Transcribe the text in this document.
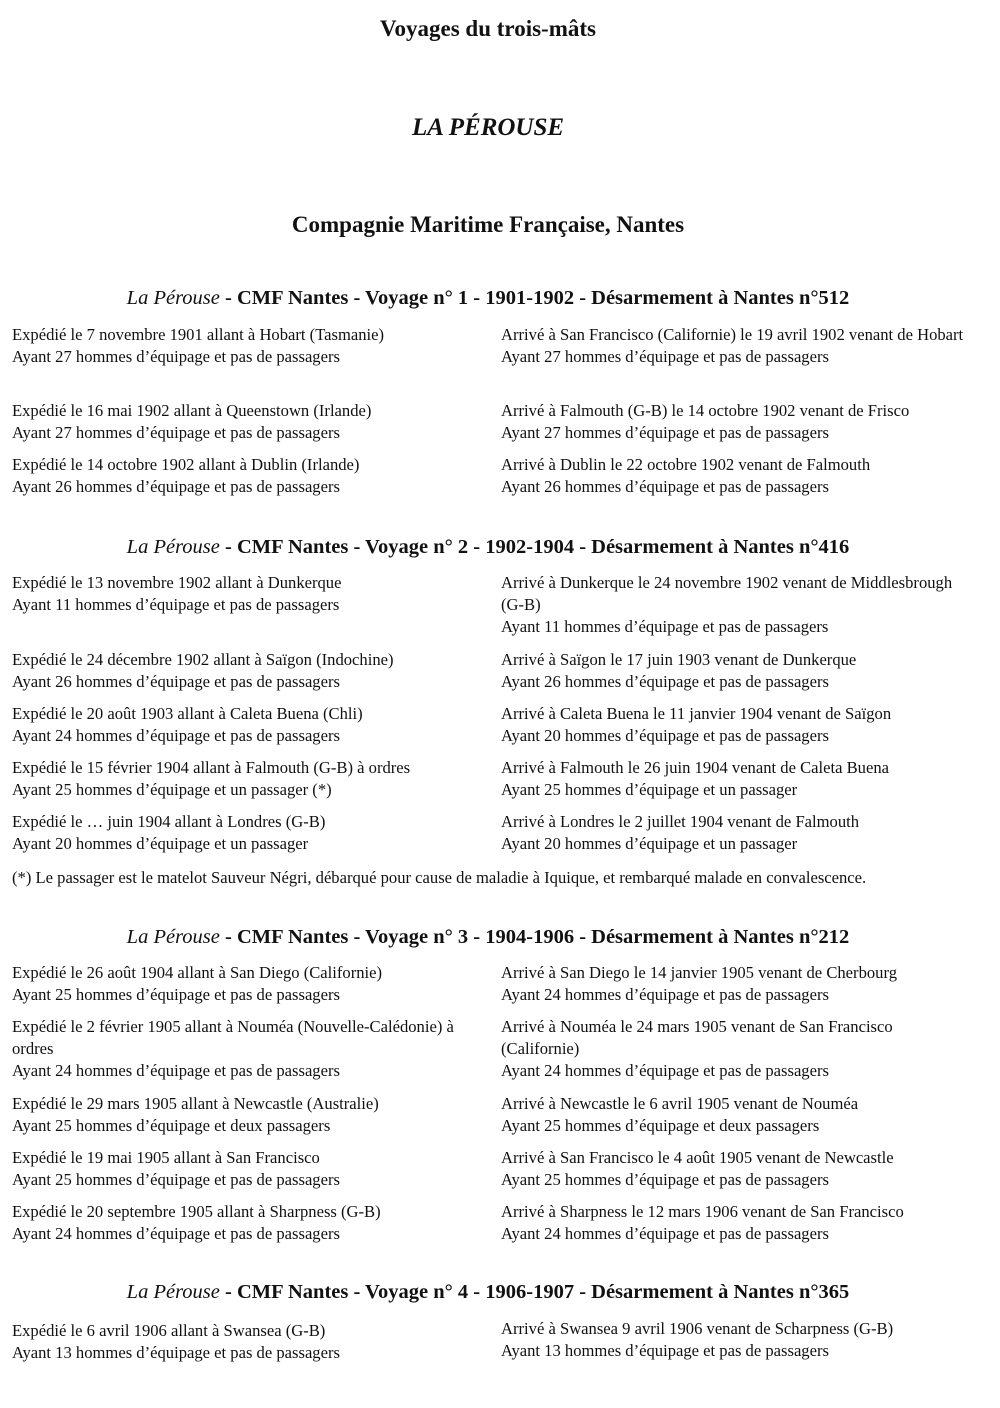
Voyages du trois-mâts
LA PÉROUSE
Compagnie Maritime Française, Nantes
La Pérouse - CMF Nantes - Voyage n° 1 - 1901-1902 - Désarmement à Nantes n°512
Expédié le 7 novembre 1901 allant à Hobart (Tasmanie)
Ayant 27 hommes d’équipage et pas de passagers
Arrivé à San Francisco (Californie) le 19 avril 1902 venant de Hobart
Ayant 27 hommes d’équipage et pas de passagers
Expédié le 16 mai 1902 allant à Queenstown (Irlande)
Ayant 27 hommes d’équipage et pas de passagers
Arrivé à Falmouth (G-B) le 14 octobre 1902 venant de Frisco
Ayant 27 hommes d’équipage et pas de passagers
Expédié le 14 octobre 1902 allant à Dublin (Irlande)
Ayant 26 hommes d’équipage et pas de passagers
Arrivé à Dublin le 22 octobre 1902 venant de Falmouth
Ayant 26 hommes d’équipage et pas de passagers
La Pérouse - CMF Nantes - Voyage n° 2 - 1902-1904 - Désarmement à Nantes n°416
Expédié le 13 novembre 1902 allant à Dunkerque
Ayant 11 hommes d’équipage et pas de passagers
Arrivé à Dunkerque le 24 novembre 1902 venant de Middlesbrough (G-B)
Ayant 11 hommes d’équipage et pas de passagers
Expédié le 24 décembre 1902 allant à Saïgon (Indochine)
Ayant 26 hommes d’équipage et pas de passagers
Arrivé à Saïgon le 17 juin 1903 venant de Dunkerque
Ayant 26 hommes d’équipage et pas de passagers
Expédié le 20 août 1903 allant à Caleta Buena (Chli)
Ayant 24 hommes d’équipage et pas de passagers
Arrivé à Caleta Buena le 11 janvier 1904 venant de Saïgon
Ayant 20 hommes d’équipage et pas de passagers
Expédié le 15 février 1904 allant à Falmouth (G-B) à ordres
Ayant 25 hommes d’équipage et un passager (*)
Arrivé à Falmouth le 26 juin 1904 venant de Caleta Buena
Ayant 25 hommes d’équipage et un passager
Expédié le … juin 1904 allant à Londres (G-B)
Ayant 20 hommes d’équipage et un passager
Arrivé à Londres le 2 juillet 1904 venant de Falmouth
Ayant 20 hommes d’équipage et un passager
(*) Le passager est le matelot Sauveur Négri, débarqué pour cause de maladie à Iquique, et rembarqué malade en convalescence.
La Pérouse - CMF Nantes - Voyage n° 3 - 1904-1906 - Désarmement à Nantes n°212
Expédié le 26 août 1904 allant à San Diego (Californie)
Ayant 25 hommes d’équipage et pas de passagers
Arrivé à San Diego le 14 janvier 1905 venant de Cherbourg
Ayant 24 hommes d’équipage et pas de passagers
Expédié le 2 février 1905 allant à Nouméa (Nouvelle-Calédonie) à ordres
Ayant 24 hommes d’équipage et pas de passagers
Arrivé à Nouméa le 24 mars 1905 venant de San Francisco (Californie)
Ayant 24 hommes d’équipage et pas de passagers
Expédié le 29 mars 1905 allant à Newcastle (Australie)
Ayant 25 hommes d’équipage et deux passagers
Arrivé à Newcastle le 6 avril 1905 venant de Nouméa
Ayant 25 hommes d’équipage et deux passagers
Expédié le 19 mai 1905 allant à San Francisco
Ayant 25 hommes d’équipage et pas de passagers
Arrivé à San Francisco le 4 août 1905 venant de Newcastle
Ayant 25 hommes d’équipage et pas de passagers
Expédié le 20 septembre 1905 allant à Sharpness (G-B)
Ayant 24 hommes d’équipage et pas de passagers
Arrivé à Sharpness le 12 mars 1906 venant de San Francisco
Ayant 24 hommes d’équipage et pas de passagers
La Pérouse - CMF Nantes - Voyage n° 4 - 1906-1907 - Désarmement à Nantes n°365
Expédié le 6 avril 1906 allant à Swansea (G-B)
Ayant 13 hommes d’équipage et pas de passagers
Arrivé à Swansea 9 avril 1906 venant de Scharpness (G-B)
Ayant 13 hommes d’équipage et pas de passagers
